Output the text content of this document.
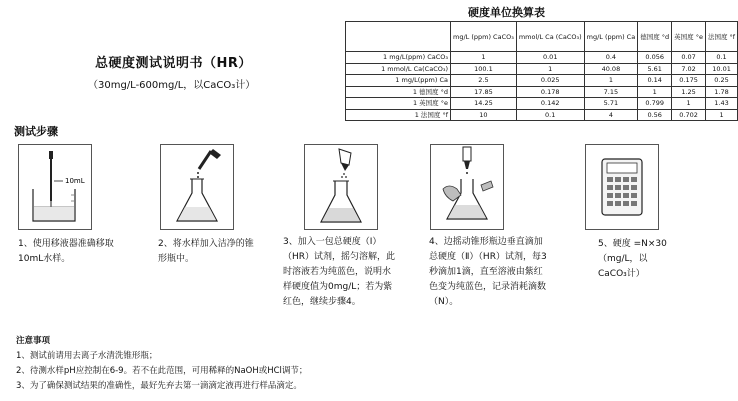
总硬度测试说明书（HR）
（30mg/L-600mg/L，以CaCO₃计）
测试步骤
硬度单位换算表
	mg/L (ppm) CaCO₃	mmol/L Ca (CaCO₃)	mg/L (ppm) Ca	德国度 °d	英国度 °e	法国度 °f
1 mg/L(ppm) CaCO₃	1	0.01	0.4	0.056	0.07	0.1
1 mmol/L Ca(CaCO₃)	100.1	1	40.08	5.61	7.02	10.01
1 mg/L(ppm) Ca	2.5	0.025	1	0.14	0.175	0.25
1 德国度 °d	17.85	0.178	7.15	1	1.25	1.78
1 英国度 °e	14.25	0.142	5.71	0.799	1	1.43
1 法国度 °f	10	0.1	4	0.56	0.702	1
10mL
1、使用移液器准确移取10mL水样。
2、将水样加入洁净的锥形瓶中。
3、加入一包总硬度（Ⅰ）（HR）试剂，摇匀溶解，此时溶液若为纯蓝色，说明水样硬度值为0mg/L；若为紫红色，继续步骤4。
4、边摇动锥形瓶边垂直滴加总硬度（Ⅱ）（HR）试剂，每3秒滴加1滴，直至溶液由紫红色变为纯蓝色，记录消耗滴数（N）。
5、硬度 =N×30（mg/L，以CaCO₃计）
注意事项
1、测试前请用去离子水清洗锥形瓶；
2、待测水样pH应控制在6-9。若不在此范围，可用稀释的NaOH或HCl调节；
3、为了确保测试结果的准确性，最好先弃去第一滴滴定液再进行样品滴定。
